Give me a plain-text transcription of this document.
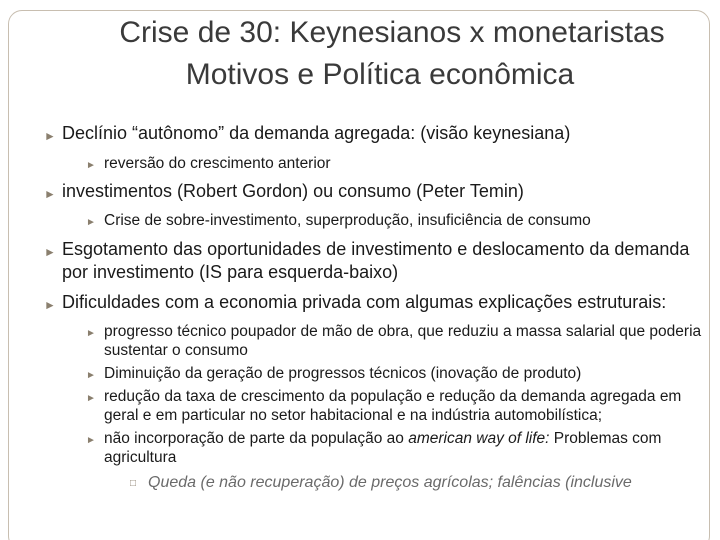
Crise de 30: Keynesianos x monetaristas
Motivos e Política econômica
► Declínio “autônomo” da demanda agregada: (visão keynesiana)
► reversão do crescimento anterior
► investimentos (Robert Gordon) ou consumo (Peter Temin)
► Crise de sobre-investimento, superprodução, insuficiência de consumo
► Esgotamento das oportunidades de investimento e deslocamento da demanda por investimento (IS para esquerda-baixo)
► Dificuldades com a economia privada com algumas explicações estruturais:
► progresso técnico poupador de mão de obra, que reduziu a massa salarial que poderia sustentar o consumo
► Diminuição da geração de progressos técnicos (inovação de produto)
► redução da taxa de crescimento da população e redução da demanda agregada em geral e em particular no setor habitacional e na indústria automobilística;
► não incorporação de parte da população ao american way of life: Problemas com agricultura
□ Queda (e não recuperação) de preços agrícolas; falências (inclusive
